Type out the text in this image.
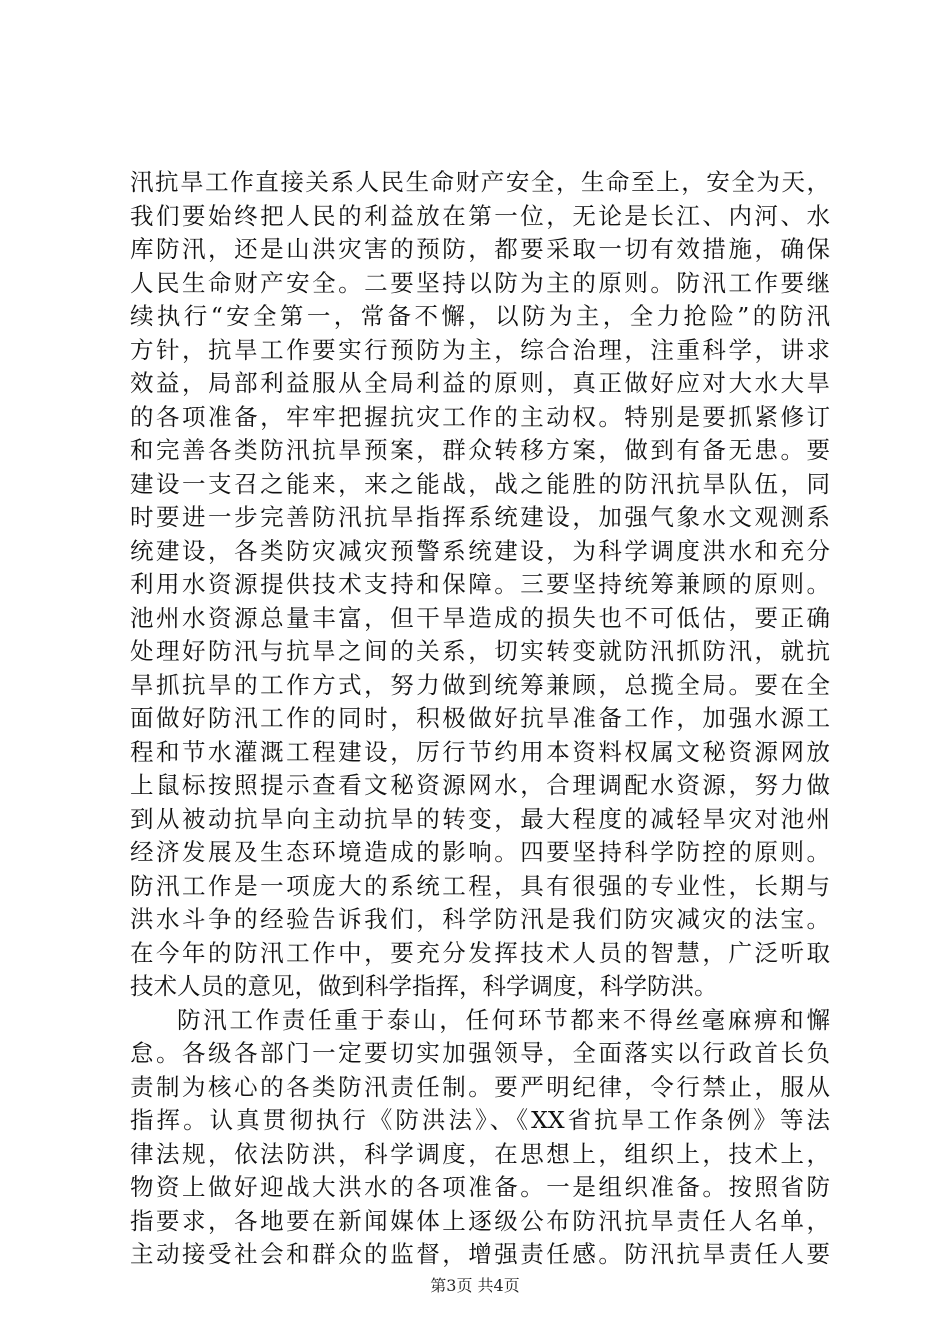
汛抗旱工作直接关系人民生命财产安全，生命至上，安全为天，
我们要始终把人民的利益放在第一位，无论是长江、内河、水
库防汛，还是山洪灾害的预防，都要采取一切有效措施，确保
人民生命财产安全。二要坚持以防为主的原则。防汛工作要继
续执行“安全第一，常备不懈，以防为主，全力抢险”的防汛
方针，抗旱工作要实行预防为主，综合治理，注重科学，讲求
效益，局部利益服从全局利益的原则，真正做好应对大水大旱
的各项准备，牢牢把握抗灾工作的主动权。特别是要抓紧修订
和完善各类防汛抗旱预案，群众转移方案，做到有备无患。要
建设一支召之能来，来之能战，战之能胜的防汛抗旱队伍，同
时要进一步完善防汛抗旱指挥系统建设，加强气象水文观测系
统建设，各类防灾减灾预警系统建设，为科学调度洪水和充分
利用水资源提供技术支持和保障。三要坚持统筹兼顾的原则。
池州水资源总量丰富，但干旱造成的损失也不可低估，要正确
处理好防汛与抗旱之间的关系，切实转变就防汛抓防汛，就抗
旱抓抗旱的工作方式，努力做到统筹兼顾，总揽全局。要在全
面做好防汛工作的同时，积极做好抗旱准备工作，加强水源工
程和节水灌溉工程建设，厉行节约用本资料权属文秘资源网放
上鼠标按照提示查看文秘资源网水，合理调配水资源，努力做
到从被动抗旱向主动抗旱的转变，最大程度的减轻旱灾对池州
经济发展及生态环境造成的影响。四要坚持科学防控的原则。
防汛工作是一项庞大的系统工程，具有很强的专业性，长期与
洪水斗争的经验告诉我们，科学防汛是我们防灾减灾的法宝。
在今年的防汛工作中，要充分发挥技术人员的智慧，广泛听取
技术人员的意见，做到科学指挥，科学调度，科学防洪。
防汛工作责任重于泰山，任何环节都来不得丝毫麻痹和懈
怠。各级各部门一定要切实加强领导，全面落实以行政首长负
责制为核心的各类防汛责任制。要严明纪律，令行禁止，服从
指挥。认真贯彻执行《防洪法》、《XX省抗旱工作条例》等法
律法规，依法防洪，科学调度，在思想上，组织上，技术上，
物资上做好迎战大洪水的各项准备。一是组织准备。按照省防
指要求，各地要在新闻媒体上逐级公布防汛抗旱责任人名单，
主动接受社会和群众的监督，增强责任感。防汛抗旱责任人要
第3页 共4页
